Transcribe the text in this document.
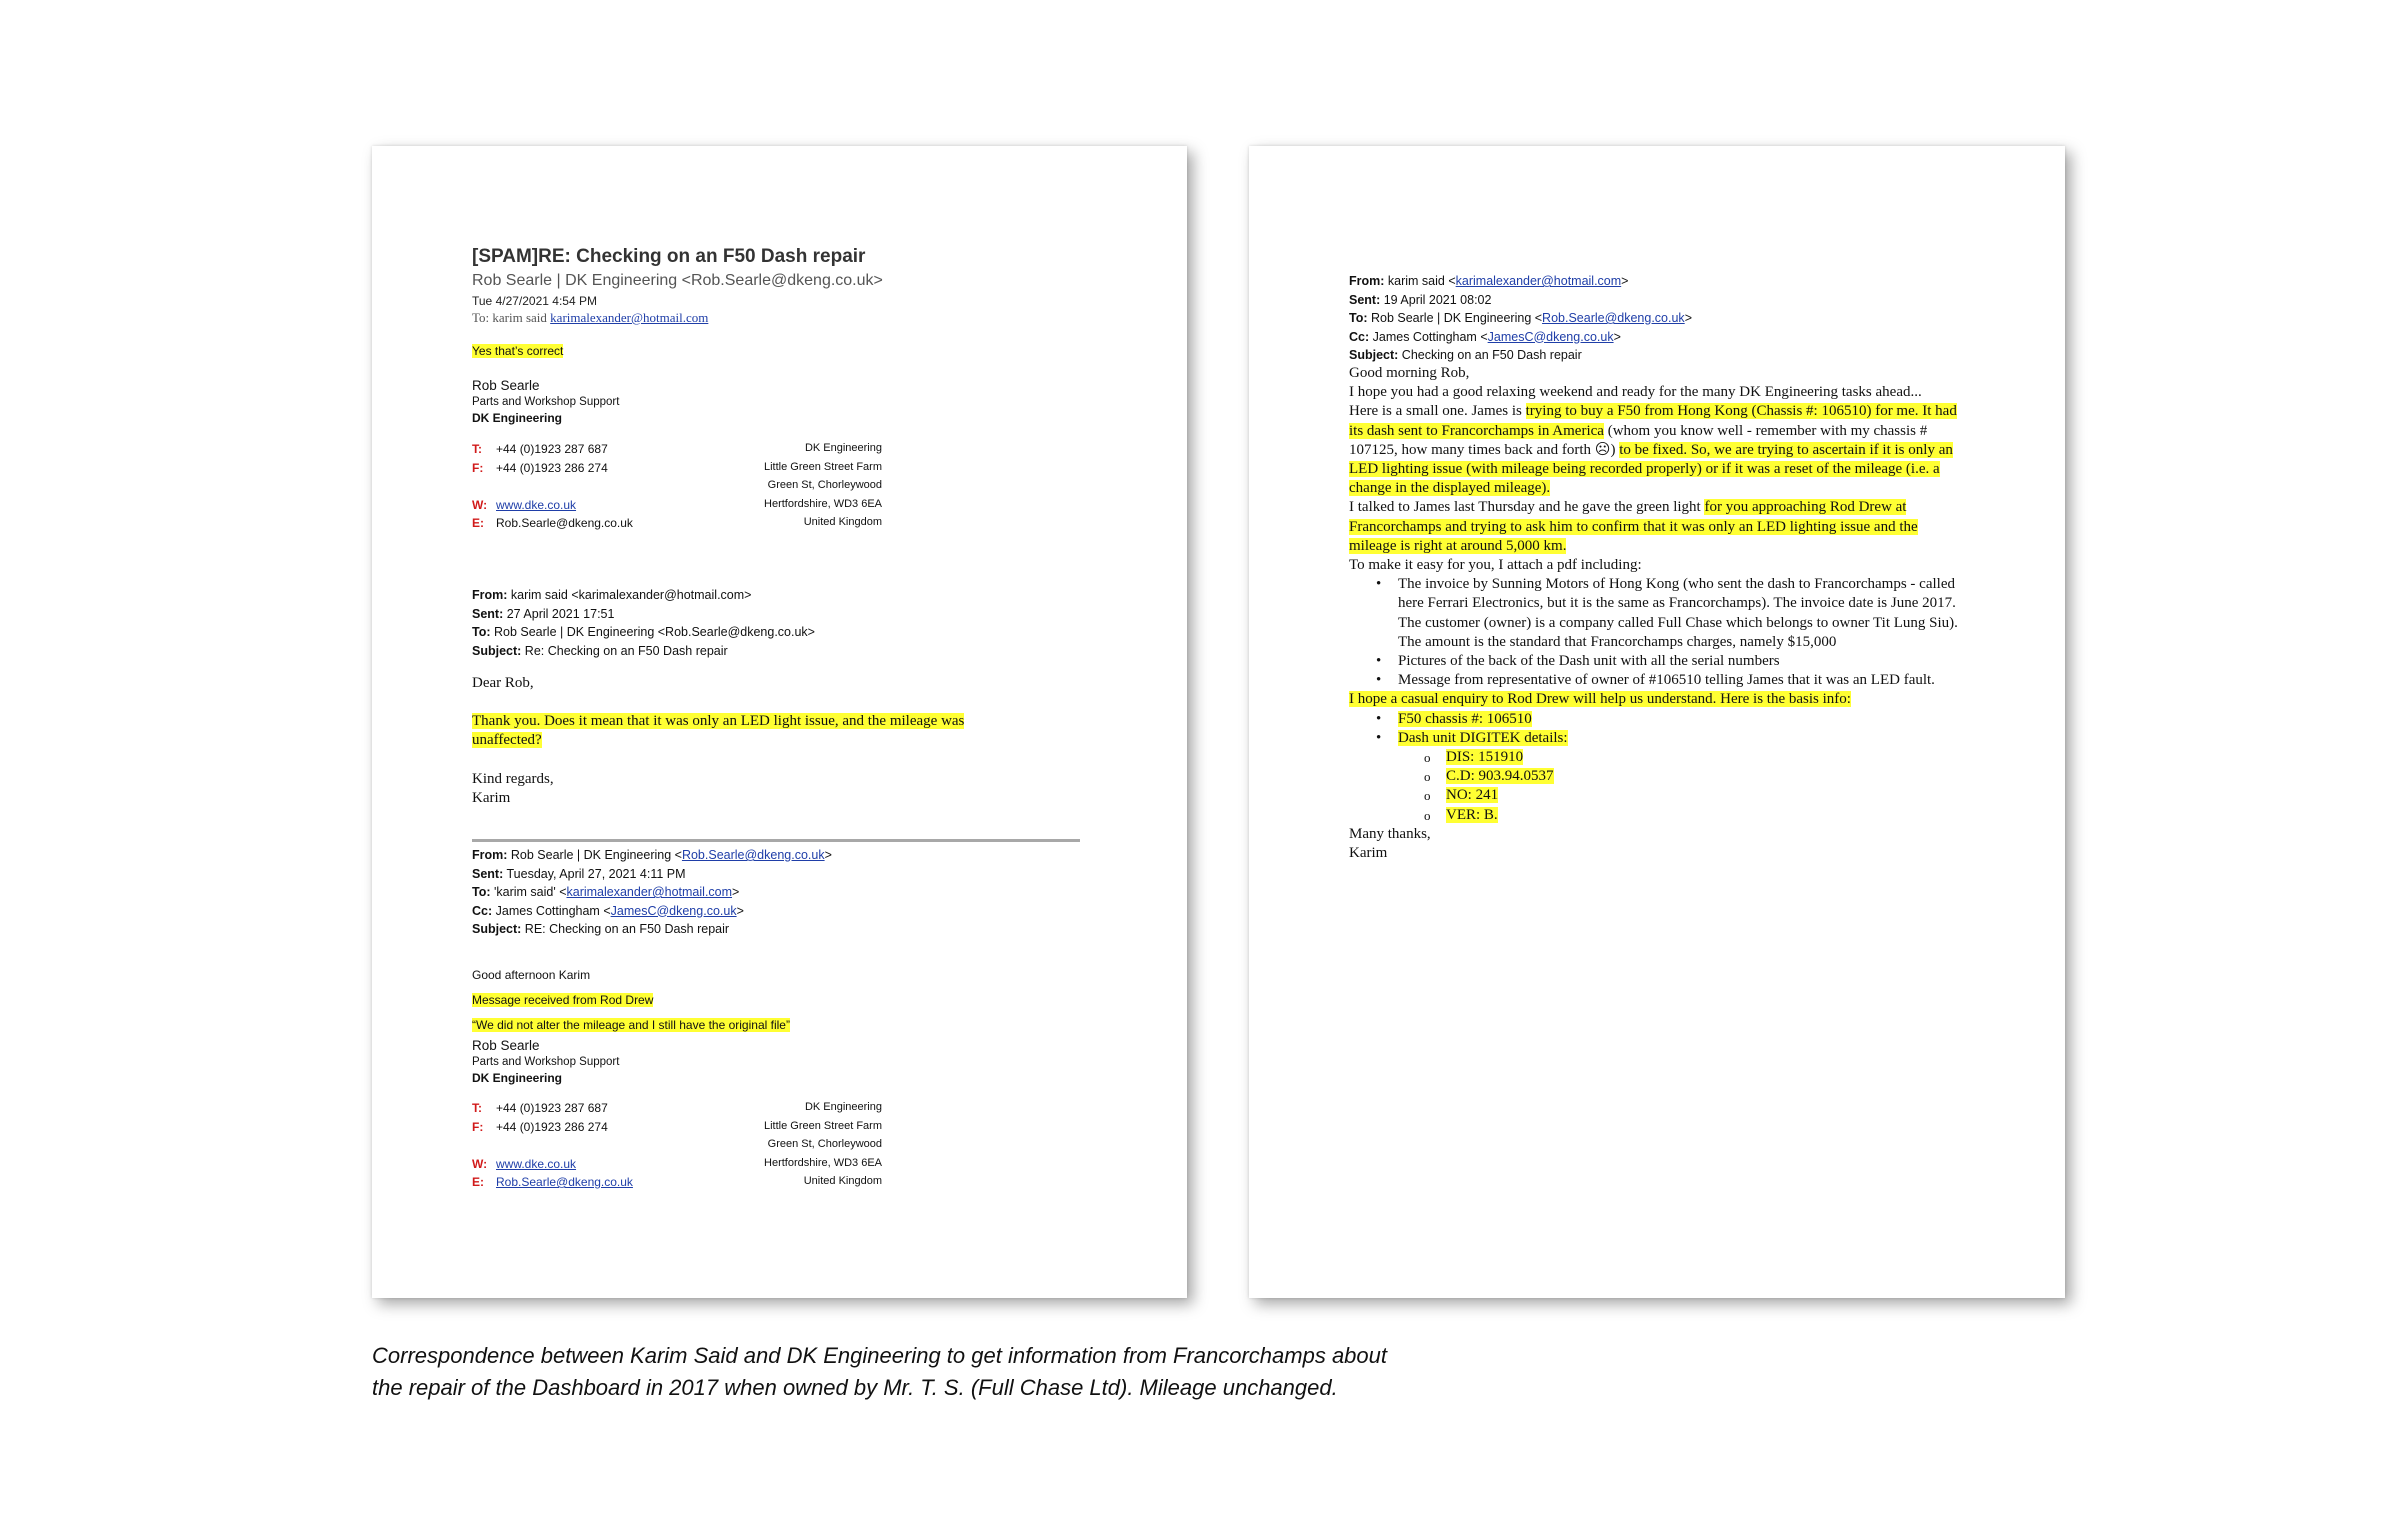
[SPAM]RE: Checking on an F50 Dash repair
Rob Searle | DK Engineering <Rob.Searle@dkeng.co.uk>
Tue 4/27/2021 4:54 PM
To: karim said karimalexander@hotmail.com
Yes that’s correct
Rob Searle
Parts and Workshop Support
DK Engineering
T: +44 (0)1923 287 687	DK Engineering
F: +44 (0)1923 286 274	Little Green Street Farm
Green St, Chorleywood
W: www.dke.co.uk	Hertfordshire, WD3 6EA
E: Rob.Searle@dkeng.co.uk	United Kingdom
From: karim said <karimalexander@hotmail.com>
Sent: 27 April 2021 17:51
To: Rob Searle | DK Engineering <Rob.Searle@dkeng.co.uk>
Subject: Re: Checking on an F50 Dash repair
Dear Rob,
Thank you. Does it mean that it was only an LED light issue, and the mileage was
unaffected?
Kind regards,
Karim
From: Rob Searle | DK Engineering <Rob.Searle@dkeng.co.uk>
Sent: Tuesday, April 27, 2021 4:11 PM
To: 'karim said' <karimalexander@hotmail.com>
Cc: James Cottingham <JamesC@dkeng.co.uk>
Subject: RE: Checking on an F50 Dash repair
Good afternoon Karim
Message received from Rod Drew
“We did not alter the mileage and I still have the original file”
Rob Searle
Parts and Workshop Support
DK Engineering
T: +44 (0)1923 287 687	DK Engineering
F: +44 (0)1923 286 274	Little Green Street Farm
Green St, Chorleywood
W: www.dke.co.uk	Hertfordshire, WD3 6EA
E: Rob.Searle@dkeng.co.uk	United Kingdom
From: karim said <karimalexander@hotmail.com>
Sent: 19 April 2021 08:02
To: Rob Searle | DK Engineering <Rob.Searle@dkeng.co.uk>
Cc: James Cottingham <JamesC@dkeng.co.uk>
Subject: Checking on an F50 Dash repair

Good morning Rob,

I hope you had a good relaxing weekend and ready for the many DK Engineering tasks ahead...

Here is a small one. James is trying to buy a F50 from Hong Kong (Chassis #: 106510) for me. It had its dash sent to Francorchamps in America (whom you know well - remember with my chassis # 107125, how many times back and forth ☹) to be fixed. So, we are trying to ascertain if it is only an LED lighting issue (with mileage being recorded properly) or if it was a reset of the mileage (i.e. a change in the displayed mileage).

I talked to James last Thursday and he gave the green light for you approaching Rod Drew at Francorchamps and trying to ask him to confirm that it was only an LED lighting issue and the mileage is right at around 5,000 km.

To make it easy for you, I attach a pdf including:

• The invoice by Sunning Motors of Hong Kong (who sent the dash to Francorchamps - called here Ferrari Electronics, but it is the same as Francorchamps). The invoice date is June 2017. The customer (owner) is a company called Full Chase which belongs to owner Tit Lung Siu). The amount is the standard that Francorchamps charges, namely $15,000
• Pictures of the back of the Dash unit with all the serial numbers
• Message from representative of owner of #106510 telling James that it was an LED fault.

I hope a casual enquiry to Rod Drew will help us understand. Here is the basis info:

• F50 chassis #: 106510
• Dash unit DIGITEK details:
o DIS: 151910
o C.D: 903.94.0537
o NO: 241
o VER: B.

Many thanks,

Karim

Correspondence between Karim Said and DK Engineering to get information from Francorchamps about
the repair of the Dashboard in 2017 when owned by Mr. T. S. (Full Chase Ltd). Mileage unchanged.
